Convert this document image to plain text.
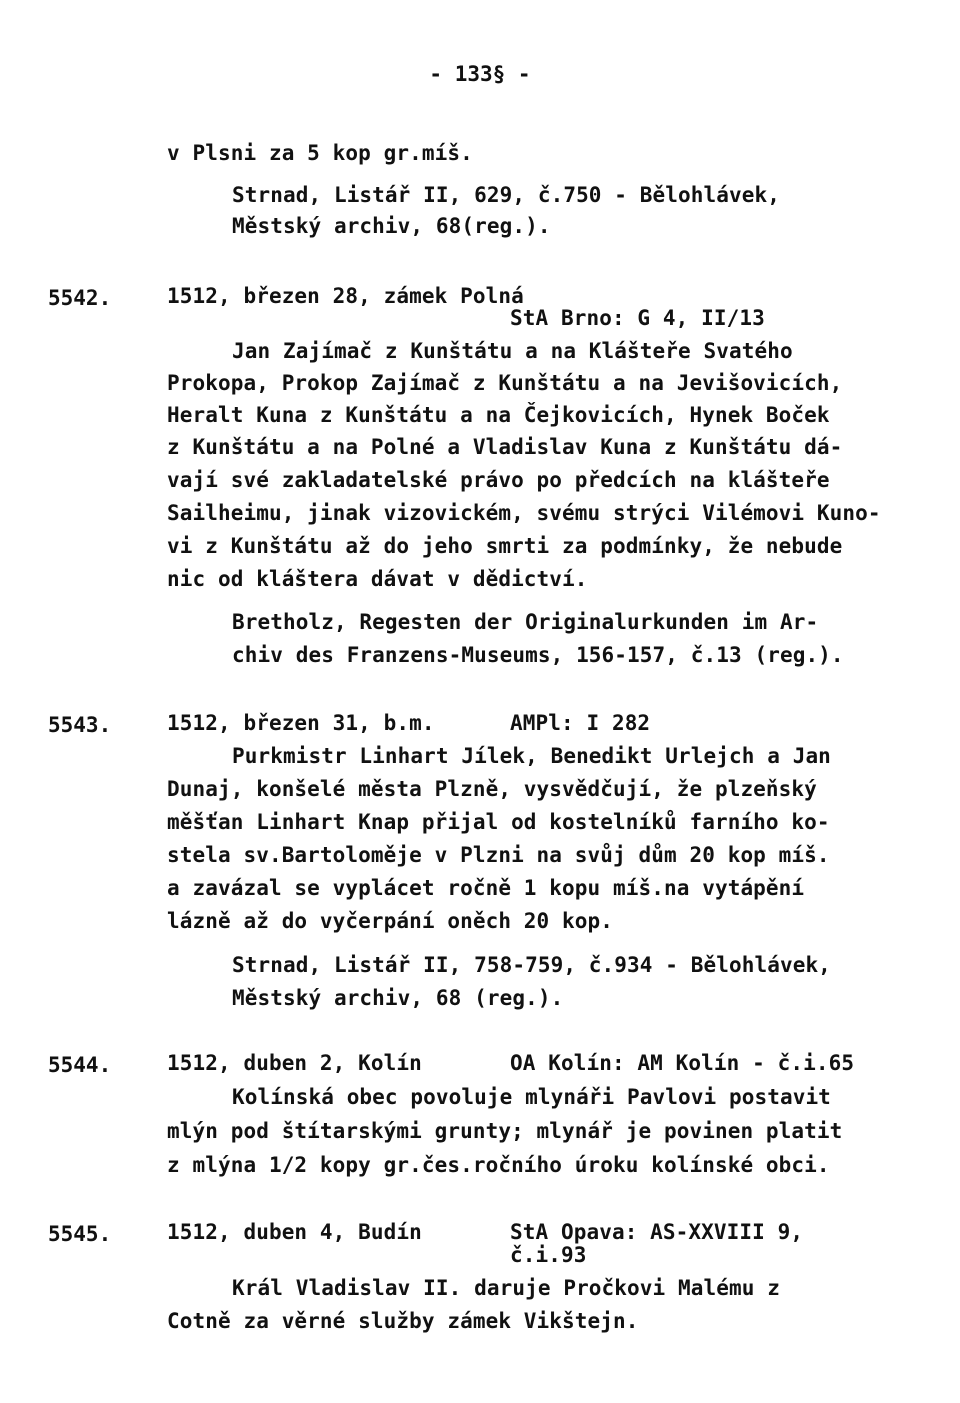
- 133§ -
v Plsni za 5 kop gr.míš.
Strnad, Listář II, 629, č.750 - Bělohlávek,
Městský archiv, 68(reg.).
5542.	1512, březen 28, zámek Polná
StA Brno: G 4, II/13
Jan Zajímač z Kunštátu a na Klášteře Svatého
Prokopa, Prokop Zajímač z Kunštátu a na Jevišovicích,
Heralt Kuna z Kunštátu a na Čejkovicích, Hynek Boček
z Kunštátu a na Polné a Vladislav Kuna z Kunštátu dá-
vají své zakladatelské právo po předcích na klášteře
Sailheimu, jinak vizovickém, svému strýci Vilémovi Kuno-
vi z Kunštátu až do jeho smrti za podmínky, že nebude
nic od kláštera dávat v dědictví.
Bretholz, Regesten der Originalurkunden im Ar-
chiv des Franzens-Museums, 156-157, č.13 (reg.).
5543.	1512, březen 31, b.m.	AMPl: I 282
Purkmistr Linhart Jílek, Benedikt Urlejch a Jan
Dunaj, konšelé města Plzně, vysvědčují, že plzeňský
měšťan Linhart Knap přijal od kostelníků farního ko-
stela sv.Bartoloměje v Plzni na svůj dům 20 kop míš.
a zavázal se vyplácet ročně 1 kopu míš.na vytápění
lázně až do vyčerpání oněch 20 kop.
Strnad, Listář II, 758-759, č.934 - Bělohlávek,
Městský archiv, 68 (reg.).
5544.	1512, duben 2, Kolín	OA Kolín: AM Kolín - č.i.65
Kolínská obec povoluje mlynáři Pavlovi postavit
mlýn pod štítarskými grunty; mlynář je povinen platit
z mlýna 1/2 kopy gr.čes.ročního úroku kolínské obci.
5545.	1512, duben 4, Budín	StA Opava: AS-XXVIII 9,
č.i.93
Král Vladislav II. daruje Pročkovi Malému z
Cotně za věrné služby zámek Vikštejn.
